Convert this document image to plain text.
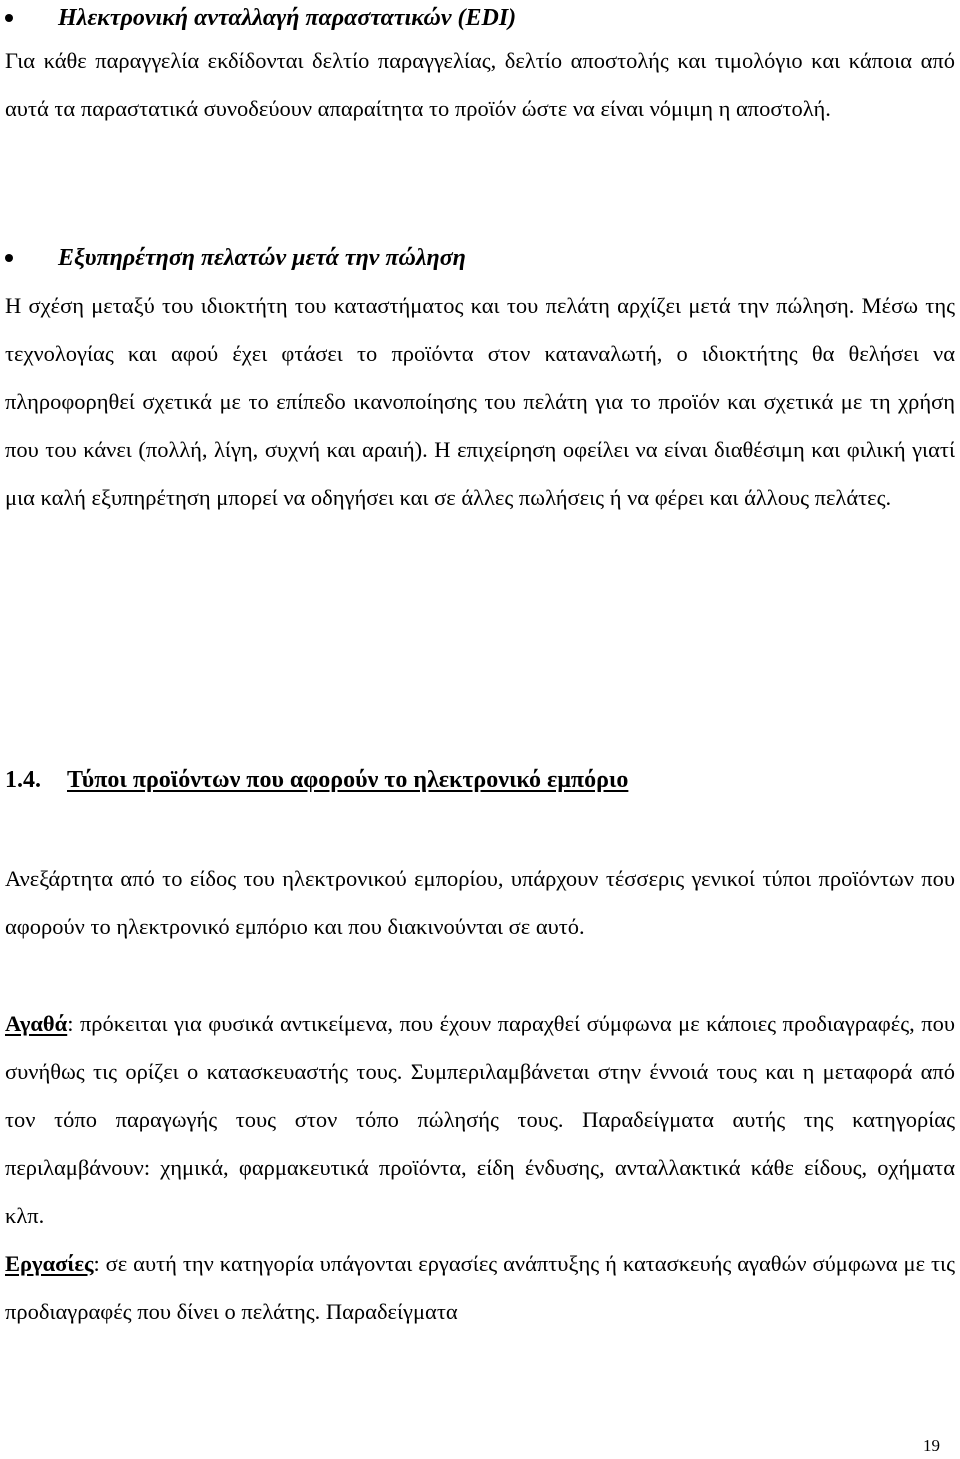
Ηλεκτρονική ανταλλαγή παραστατικών (EDI)
Για κάθε παραγγελία εκδίδονται δελτίο παραγγελίας, δελτίο αποστολής και τιμολόγιο και κάποια από αυτά τα παραστατικά συνοδεύουν απαραίτητα το προϊόν ώστε να είναι νόμιμη η αποστολή.
Εξυπηρέτηση πελατών μετά την πώληση
Η σχέση μεταξύ του ιδιοκτήτη του καταστήματος και του πελάτη αρχίζει μετά την πώληση. Μέσω της τεχνολογίας και αφού έχει φτάσει το προϊόντα στον καταναλωτή, ο ιδιοκτήτης θα θελήσει να πληροφορηθεί σχετικά με το επίπεδο ικανοποίησης του πελάτη για το προϊόν και σχετικά με τη χρήση που του κάνει (πολλή, λίγη, συχνή και αραιή). Η επιχείρηση οφείλει να είναι διαθέσιμη και φιλική γιατί μια καλή εξυπηρέτηση μπορεί να οδηγήσει και σε άλλες πωλήσεις ή να φέρει και άλλους πελάτες.
1.4. Τύποι προϊόντων που αφορούν το ηλεκτρονικό εμπόριο
Ανεξάρτητα από το είδος του ηλεκτρονικού εμπορίου, υπάρχουν τέσσερις γενικοί τύποι προϊόντων που αφορούν το ηλεκτρονικό εμπόριο και που διακινούνται σε αυτό.
Αγαθά: πρόκειται για φυσικά αντικείμενα, που έχουν παραχθεί σύμφωνα με κάποιες προδιαγραφές, που συνήθως τις ορίζει ο κατασκευαστής τους. Συμπεριλαμβάνεται στην έννοιά τους και η μεταφορά από τον τόπο παραγωγής τους στον τόπο πώλησής τους. Παραδείγματα αυτής της κατηγορίας περιλαμβάνουν: χημικά, φαρμακευτικά προϊόντα, είδη ένδυσης, ανταλλακτικά κάθε είδους, οχήματα κλπ.
Εργασίες: σε αυτή την κατηγορία υπάγονται εργασίες ανάπτυξης ή κατασκευής αγαθών σύμφωνα με τις προδιαγραφές που δίνει ο πελάτης. Παραδείγματα
19
